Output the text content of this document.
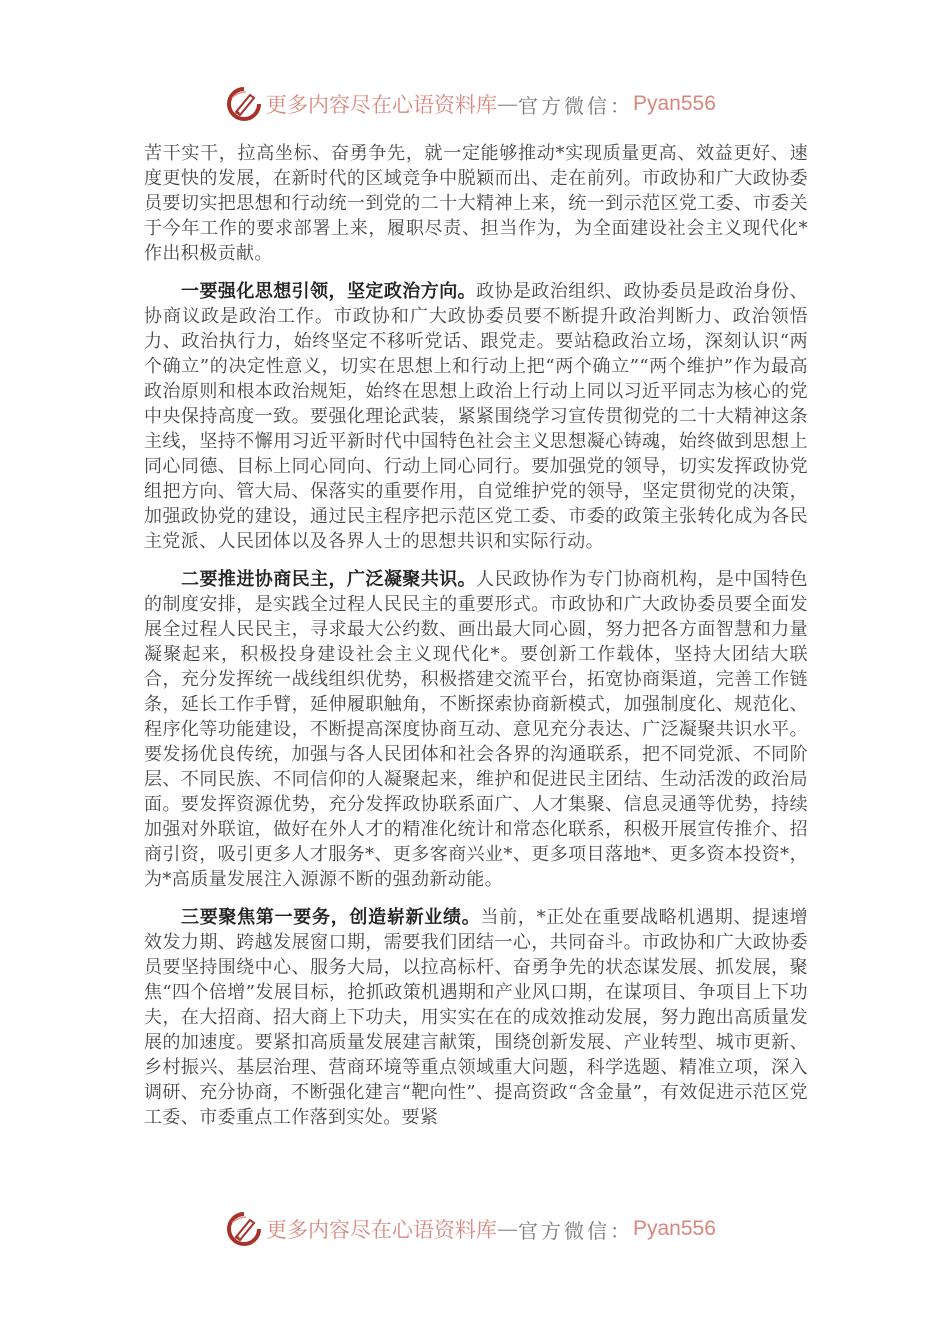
更多内容尽在心语资料库 — 官方微信： Pyan556

苦干实干，拉高坐标、奋勇争先，就一定能够推动*实现质量更高、效益更好、速度更快的发展，在新时代的区域竞争中脱颖而出、走在前列。市政协和广大政协委员要切实把思想和行动统一到党的二十大精神上来，统一到示范区党工委、市委关于今年工作的要求部署上来，履职尽责、担当作为，为全面建设社会主义现代化*作出积极贡献。

一要强化思想引领，坚定政治方向。政协是政治组织、政协委员是政治身份、协商议政是政治工作。市政协和广大政协委员要不断提升政治判断力、政治领悟力、政治执行力，始终坚定不移听党话、跟党走。要站稳政治立场，深刻认识“两个确立”的决定性意义，切实在思想上和行动上把“两个确立”“两个维护”作为最高政治原则和根本政治规矩，始终在思想上政治上行动上同以习近平同志为核心的党中央保持高度一致。要强化理论武装，紧紧围绕学习宣传贯彻党的二十大精神这条主线，坚持不懈用习近平新时代中国特色社会主义思想凝心铸魂，始终做到思想上同心同德、目标上同心同向、行动上同心同行。要加强党的领导，切实发挥政协党组把方向、管大局、保落实的重要作用，自觉维护党的领导，坚定贯彻党的决策，加强政协党的建设，通过民主程序把示范区党工委、市委的政策主张转化成为各民主党派、人民团体以及各界人士的思想共识和实际行动。

二要推进协商民主，广泛凝聚共识。人民政协作为专门协商机构，是中国特色的制度安排，是实践全过程人民民主的重要形式。市政协和广大政协委员要全面发展全过程人民民主，寻求最大公约数、画出最大同心圆，努力把各方面智慧和力量凝聚起来，积极投身建设社会主义现代化*。要创新工作载体，坚持大团结大联合，充分发挥统一战线组织优势，积极搭建交流平台，拓宽协商渠道，完善工作链条，延长工作手臂，延伸履职触角，不断探索协商新模式，加强制度化、规范化、程序化等功能建设，不断提高深度协商互动、意见充分表达、广泛凝聚共识水平。要发扬优良传统，加强与各人民团体和社会各界的沟通联系，把不同党派、不同阶层、不同民族、不同信仰的人凝聚起来，维护和促进民主团结、生动活泼的政治局面。要发挥资源优势，充分发挥政协联系面广、人才集聚、信息灵通等优势，持续加强对外联谊，做好在外人才的精准化统计和常态化联系，积极开展宣传推介、招商引资，吸引更多人才服务*、更多客商兴业*、更多项目落地*、更多资本投资*，为*高质量发展注入源源不断的强劲新动能。

三要聚焦第一要务，创造崭新业绩。当前，*正处在重要战略机遇期、提速增效发力期、跨越发展窗口期，需要我们团结一心，共同奋斗。市政协和广大政协委员要坚持围绕中心、服务大局，以拉高标杆、奋勇争先的状态谋发展、抓发展，聚焦“四个倍增”发展目标，抢抓政策机遇期和产业风口期，在谋项目、争项目上下功夫，在大招商、招大商上下功夫，用实实在在的成效推动发展，努力跑出高质量发展的加速度。要紧扣高质量发展建言献策，围绕创新发展、产业转型、城市更新、乡村振兴、基层治理、营商环境等重点领域重大问题，科学选题、精准立项，深入调研、充分协商，不断强化建言“靶向性”、提高资政“含金量”，有效促进示范区党工委、市委重点工作落到实处。要紧

更多内容尽在心语资料库 — 官方微信： Pyan556
